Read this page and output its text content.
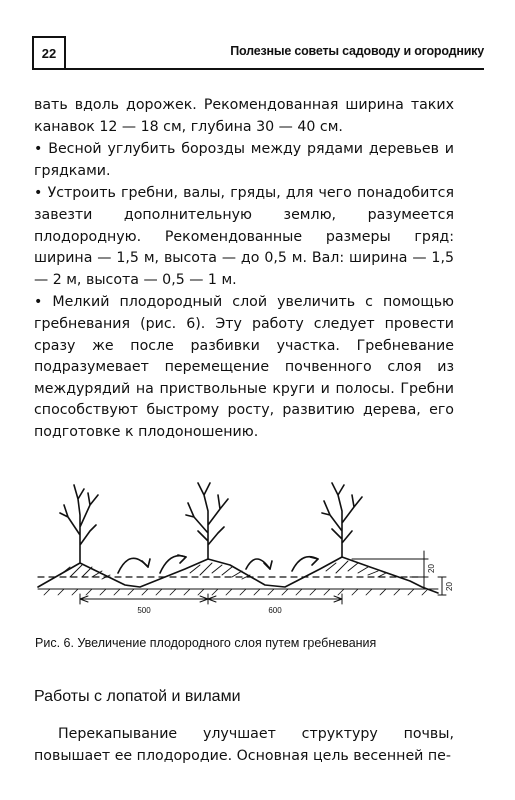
22	Полезные советы садоводу и огороднику

вать вдоль дорожек. Рекомендованная ширина таких канавок 12 — 18 см, глубина 30 — 40 см.

• Весной углубить борозды между рядами деревьев и грядками.

• Устроить гребни, валы, гряды, для чего понадобится завезти дополнительную землю, разумеется плодородную. Рекомендованные размеры гряд: ширина — 1,5 м, высота — до 0,5 м. Вал: ширина — 1,5 — 2 м, высота — 0,5 — 1 м.

• Мелкий плодородный слой увеличить с помощью гребневания (рис. 6). Эту работу следует провести сразу же после разбивки участка. Гребневание подразумевает перемещение почвенного слоя из междурядий на приствольные круги и полосы. Гребни способствуют быстрому росту, развитию дерева, его подготовке к плодоношению.

500	600
20
20
Рис. 6. Увеличение плодородного слоя путем гребневания
Работы с лопатой и вилами

Перекапывание улучшает структуру почвы, повышает ее плодородие. Основная цель весенней пе-
